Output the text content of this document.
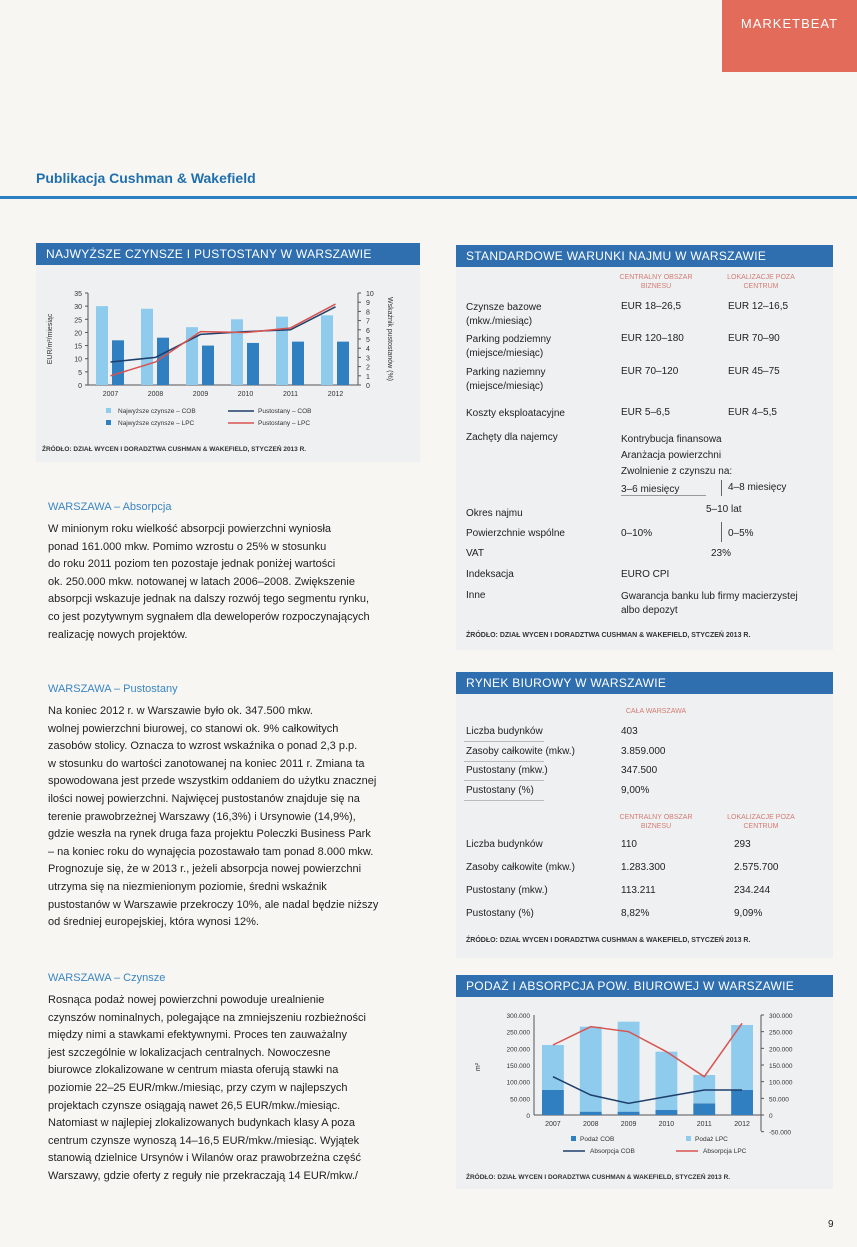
MARKETBEAT
Publikacja Cushman & Wakefield
NAJWYŻSZE CZYNSZE I PUSTOSTANY W WARSZAWIE
35
30
25
20
15
10
5
0
10
9
8
7
6
5
4
3
2
1
0
EUR/m²/miesiąc	Wskaźnik pustostanów (%)
2007	2008	2009	2010	2011	2012
Najwyższe czynsze – COB
Najwyższe czynsze – LPC
Pustostany – COB
Pustostany – LPC
ŹRÓDŁO: DZIAŁ WYCEN I DORADZTWA CUSHMAN & WAKEFIELD, STYCZEŃ 2013 R.
WARSZAWA – Absorpcja
W minionym roku wielkość absorpcji powierzchni wyniosła
ponad 161.000 mkw. Pomimo wzrostu o 25% w stosunku
do roku 2011 poziom ten pozostaje jednak poniżej wartości
ok. 250.000 mkw. notowanej w latach 2006–2008. Zwiększenie
absorpcji wskazuje jednak na dalszy rozwój tego segmentu rynku,
co jest pozytywnym sygnałem dla deweloperów rozpoczynających
realizację nowych projektów.
WARSZAWA – Pustostany
Na koniec 2012 r. w Warszawie było ok. 347.500 mkw.
wolnej powierzchni biurowej, co stanowi ok. 9% całkowitych
zasobów stolicy. Oznacza to wzrost wskaźnika o ponad 2,3 p.p.
w stosunku do wartości zanotowanej na koniec 2011 r. Zmiana ta
spowodowana jest przede wszystkim oddaniem do użytku znacznej
ilości nowej powierzchni. Najwięcej pustostanów znajduje się na
terenie prawobrzeżnej Warszawy (16,3%) i Ursynowie (14,9%),
gdzie weszła na rynek druga faza projektu Poleczki Business Park
– na koniec roku do wynajęcia pozostawało tam ponad 8.000 mkw.
Prognozuje się, że w 2013 r., jeżeli absorpcja nowej powierzchni
utrzyma się na niezmienionym poziomie, średni wskaźnik
pustostanów w Warszawie przekroczy 10%, ale nadal będzie niższy
od średniej europejskiej, która wynosi 12%.
WARSZAWA – Czynsze
Rosnąca podaż nowej powierzchni powoduje urealnienie
czynszów nominalnych, polegające na zmniejszeniu rozbieżności
między nimi a stawkami efektywnymi. Proces ten zauważalny
jest szczególnie w lokalizacjach centralnych. Nowoczesne
biurowce zlokalizowane w centrum miasta oferują stawki na
poziomie 22–25 EUR/mkw./miesiąc, przy czym w najlepszych
projektach czynsze osiągają nawet 26,5 EUR/mkw./miesiąc.
Natomiast w najlepiej zlokalizowanych budynkach klasy A poza
centrum czynsze wynoszą 14–16,5 EUR/mkw./miesiąc. Wyjątek
stanowią dzielnice Ursynów i Wilanów oraz prawobrzeżna część
Warszawy, gdzie oferty z reguły nie przekraczają 14 EUR/mkw./
STANDARDOWE WARUNKI NAJMU W WARSZAWIE
CENTRALNY OBSZAR BIZNESU
LOKALIZACJE POZA CENTRUM
Czynsze bazowe
(mkw./miesiąc)
EUR 18–26,5	EUR 12–16,5
Parking podziemny
(miejsce/miesiąc)
EUR 120–180	EUR 70–90
Parking naziemny
(miejsce/miesiąc)
EUR 70–120	EUR 45–75
Koszty eksploatacyjne	EUR 5–6,5	EUR 4–5,5
Zachęty dla najemcy	Kontrybucja finansowa
Aranżacja powierzchni
Zwolnienie z czynszu na:
3–6 miesięcy	4–8 miesięcy
Okres najmu	5–10 lat
Powierzchnie wspólne	0–10%	0–5%
VAT	23%
Indeksacja	EURO CPI
Inne	Gwarancja banku lub firmy macierzystej
albo depozyt
ŹRÓDŁO: DZIAŁ WYCEN I DORADZTWA CUSHMAN & WAKEFIELD, STYCZEŃ 2013 R.
RYNEK BIUROWY W WARSZAWIE
CAŁA WARSZAWA
Liczba budynków	403
Zasoby całkowite (mkw.)	3.859.000
Pustostany (mkw.)	347.500
Pustostany (%)	9,00%
CENTRALNY OBSZAR BIZNESU
LOKALIZACJE POZA CENTRUM
Liczba budynków	110	293
Zasoby całkowite (mkw.)	1.283.300	2.575.700
Pustostany (mkw.)	113.211	234.244
Pustostany (%)	8,82%	9,09%
ŹRÓDŁO: DZIAŁ WYCEN I DORADZTWA CUSHMAN & WAKEFIELD, STYCZEŃ 2013 R.
PODAŻ I ABSORPCJA POW. BIUROWEJ W WARSZAWIE
300.000
250.000
200.000
150.000
100.000
50.000
0
300.000
250.000
200.000
150.000
100.000
50.000
0
-50.000
m²
2007	2008	2009	2010	2011	2012
Podaż COB	Podaż LPC
Absorpcja COB	Absorpcja LPC
ŹRÓDŁO: DZIAŁ WYCEN I DORADZTWA CUSHMAN & WAKEFIELD, STYCZEŃ 2013 R.
9
